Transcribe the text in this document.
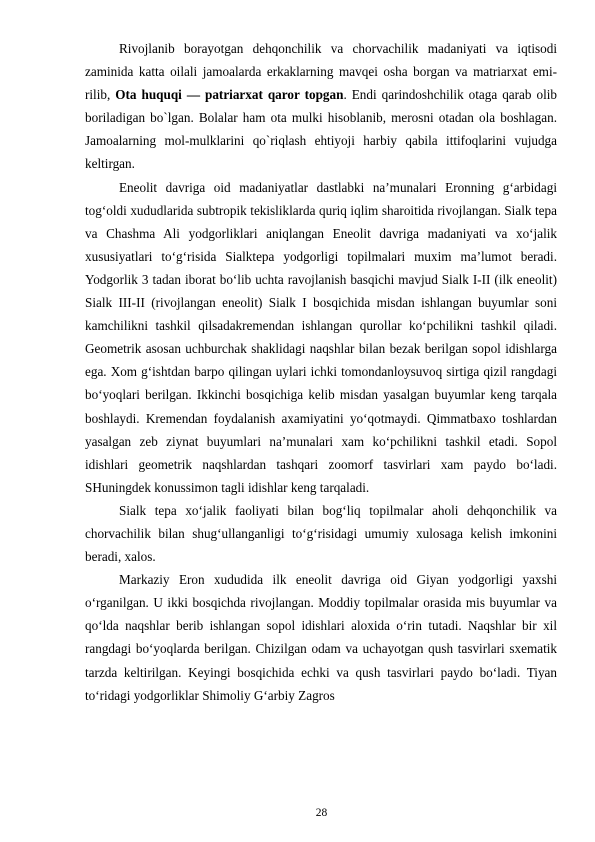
Rivojlanib borayotgan dehqonchilik va chorvachilik madaniyati va iqtisodi zaminida katta oilali jamoalarda erkaklarning mavqei osha borgan va matriarxat emi-rilib, Ota huquqi — patriarxat qaror topgan. Endi qarindoshchilik otaga qarab olib boriladigan bo`lgan. Bolalar ham ota mulki hisoblanib, merosni otadan ola boshlagan. Jamoalarning mol-mulklarini qo`riqlash ehtiyoji harbiy qabila ittifoqlarini vujudga keltirgan.

Eneolit davriga oid madaniyatlar dastlabki na’munalari Eronning g‘arbidagi tog‘oldi xududlarida subtropik tekisliklarda quriq iqlim sharoitida rivojlangan. Sialk tepa va Chashma Ali yodgorliklari aniqlangan Eneolit davriga madaniyati va xo‘jalik xususiyatlari to‘g‘risida Sialktepa yodgorligi topilmalari muxim ma’lumot beradi. Yodgorlik 3 tadan iborat bo‘lib uchta ravojlanish basqichi mavjud Sialk I-II (ilk eneolit) Sialk III-II (rivojlangan eneolit) Sialk I bosqichida misdan ishlangan buyumlar soni kamchilikni tashkil qilsadakremendan ishlangan qurollar ko‘pchilikni tashkil qiladi. Geometrik asosan uchburchak shaklidagi naqshlar bilan bezak berilgan sopol idishlarga ega. Xom g‘ishtdan barpo qilingan uylari ichki tomondanloysuvoq sirtiga qizil rangdagi bo‘yoqlari berilgan. Ikkinchi bosqichiga kelib misdan yasalgan buyumlar keng tarqala boshlaydi. Kremendan foydalanish axamiyatini yo‘qotmaydi. Qimmatbaxo toshlardan yasalgan zeb ziynat buyumlari na’munalari xam ko‘pchilikni tashkil etadi. Sopol idishlari geometrik naqshlardan tashqari zoomorf tasvirlari xam paydo bo‘ladi. SHuningdek konussimon tagli idishlar keng tarqaladi.

Sialk tepa xo‘jalik faoliyati bilan bog‘liq topilmalar aholi dehqonchilik va chorvachilik bilan shug‘ullanganligi to‘g‘risidagi umumiy xulosaga kelish imkonini beradi, xalos.

Markaziy Eron xududida ilk eneolit davriga oid Giyan yodgorligi yaxshi o‘rganilgan. U ikki bosqichda rivojlangan. Moddiy topilmalar orasida mis buyumlar va qo‘lda naqshlar berib ishlangan sopol idishlari aloxida o‘rin tutadi. Naqshlar bir xil rangdagi bo‘yoqlarda berilgan. Chizilgan odam va uchayotgan qush tasvirlari sxematik tarzda keltirilgan. Keyingi bosqichida echki va qush tasvirlari paydo bo‘ladi. Tiyan to‘ridagi yodgorliklar Shimoliy G‘arbiy Zagros

28
